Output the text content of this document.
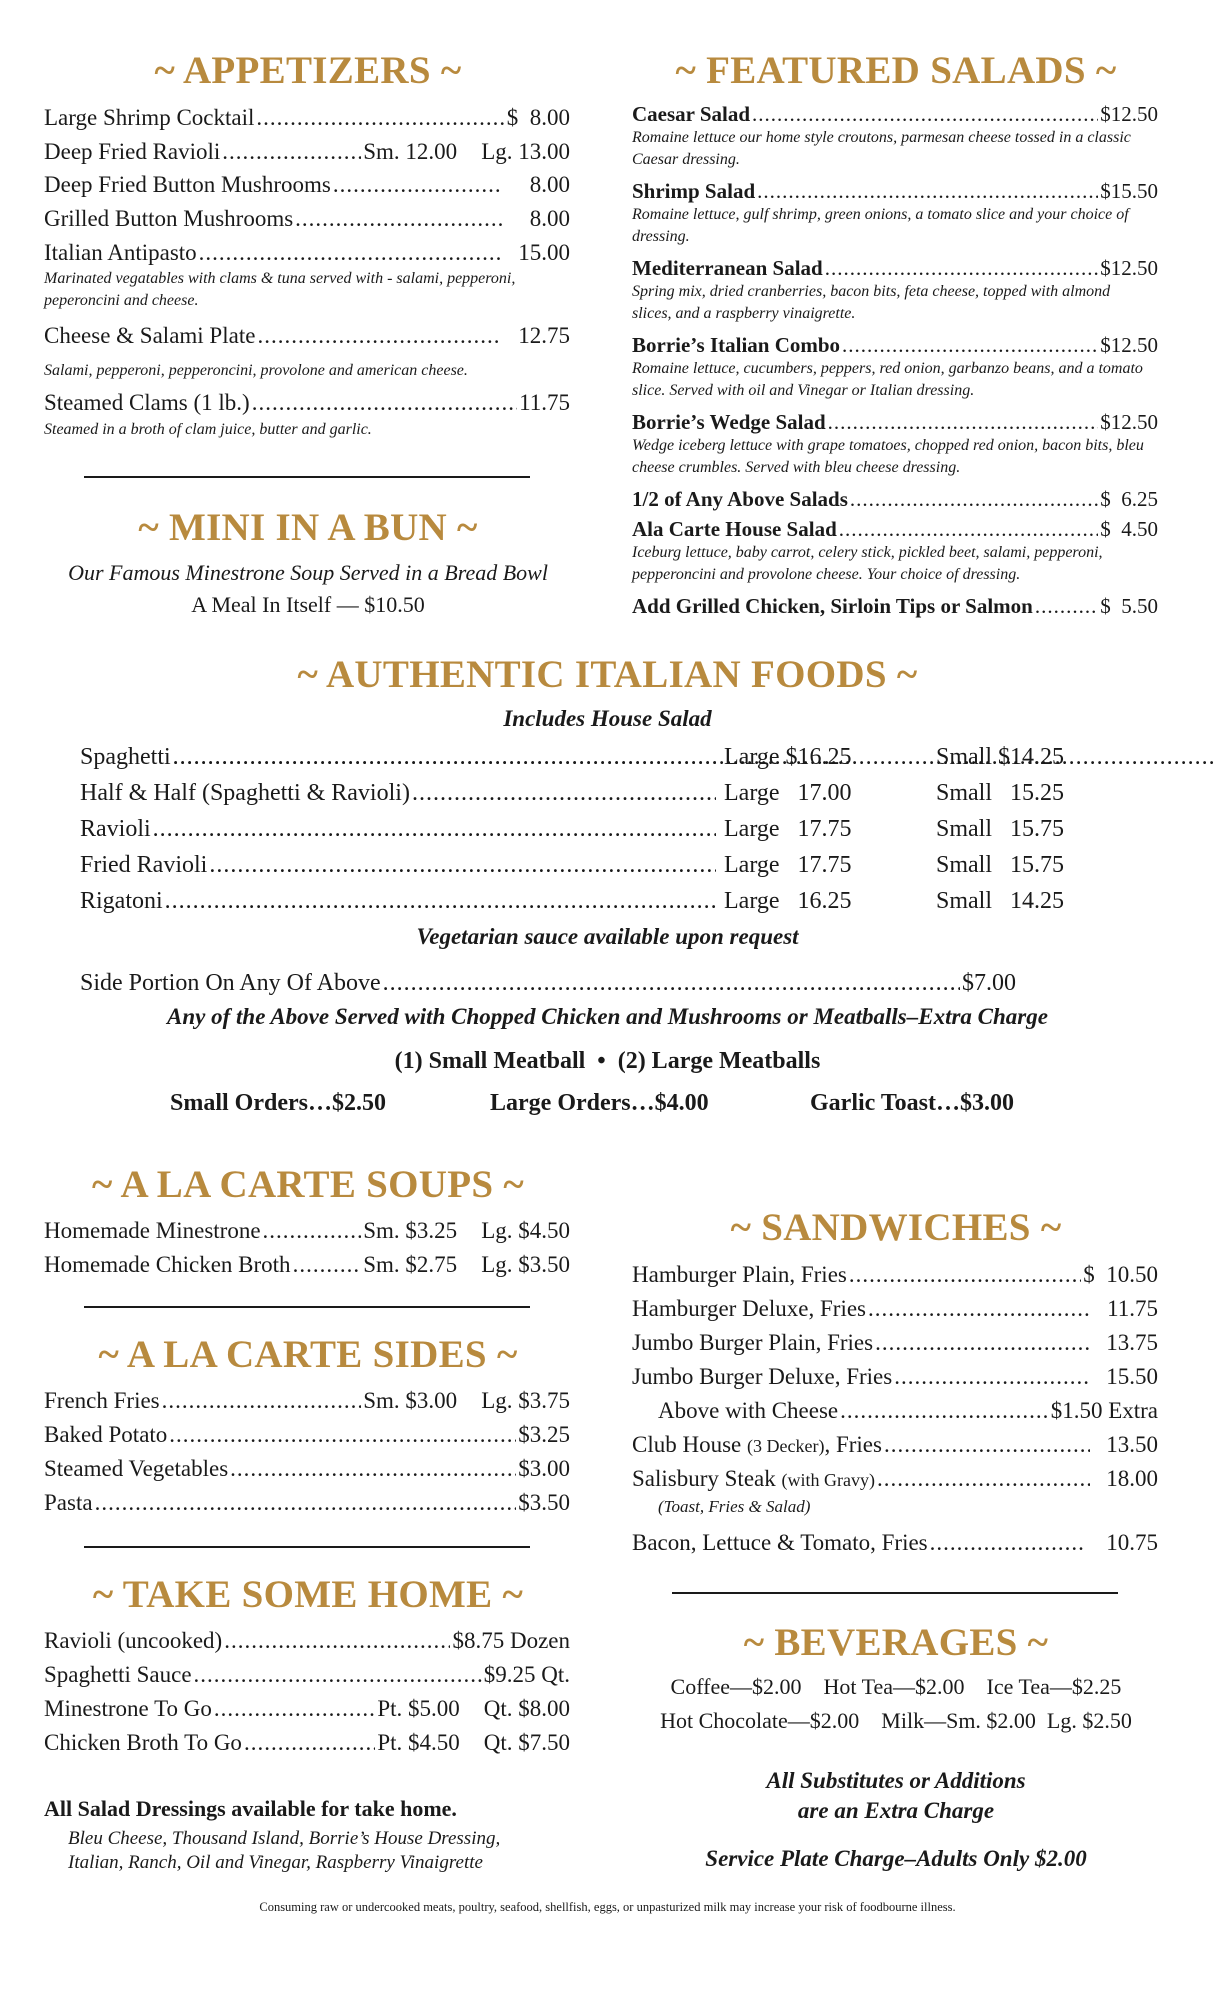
~ APPETIZERS ~
Large Shrimp Cocktail .....	$  8.00
Deep Fried Ravioli .....	Sm. 12.00 Lg. 13.00
Deep Fried Button Mushrooms .....	8.00
Grilled Button Mushrooms .....	8.00
Italian Antipasto .....	15.00
Marinated vegatables with clams & tuna served with - salami, pepperoni, peperoncini and cheese.
Cheese & Salami Plate .....	12.75
Salami, pepperoni, pepperoncini, provolone and american cheese.
Steamed Clams (1 lb.) .....	11.75
Steamed in a broth of clam juice, butter and garlic.
~ MINI IN A BUN ~
Our Famous Minestrone Soup Served in a Bread Bowl
A Meal In Itself — $10.50
~ FEATURED SALADS ~
Caesar Salad .....	$12.50
Romaine lettuce our home style croutons, parmesan cheese tossed in a classic Caesar dressing.
Shrimp Salad .....	$15.50
Romaine lettuce, gulf shrimp, green onions, a tomato slice and your choice of dressing.
Mediterranean Salad .....	$12.50
Spring mix, dried cranberries, bacon bits, feta cheese, topped with almond slices, and a raspberry vinaigrette.
Borrie’s Italian Combo .....	$12.50
Romaine lettuce, cucumbers, peppers, red onion, garbanzo beans, and a tomato slice. Served with oil and Vinegar or Italian dressing.
Borrie’s Wedge Salad .....	$12.50
Wedge iceberg lettuce with grape tomatoes, chopped red onion, bacon bits, bleu cheese crumbles. Served with bleu cheese dressing.
1/2 of Any Above Salads .....	$  6.25
Ala Carte House Salad .....	$  4.50
Iceburg lettuce, baby carrot, celery stick, pickled beet, salami, pepperoni, pepperoncini and provolone cheese. Your choice of dressing.
Add Grilled Chicken, Sirloin Tips or Salmon .....	$  5.50
~ AUTHENTIC ITALIAN FOODS ~
Includes House Salad
Spaghetti ..... .....	Large $16.25	Small $14.25
Half & Half (Spaghetti & Ravioli) .....	Large   17.00	Small   15.25
Ravioli .....	Large   17.75	Small   15.75
Fried Ravioli .....	Large   17.75	Small   15.75
Rigatoni .....	Large   16.25	Small   14.25
Vegetarian sauce available upon request
Side Portion On Any Of Above .....	$7.00
Any of the Above Served with Chopped Chicken and Mushrooms or Meatballs–Extra Charge
(1) Small Meatball  •  (2) Large Meatballs
Small Orders…$2.50	Large Orders…$4.00	Garlic Toast…$3.00
~ A LA CARTE SOUPS ~
Homemade Minestrone .....	Sm. $3.25 Lg. $4.50
Homemade Chicken Broth .....	Sm. $2.75 Lg. $3.50
~ A LA CARTE SIDES ~
French Fries .....	Sm. $3.00 Lg. $3.75
Baked Potato .....	$3.25
Steamed Vegetables .....	$3.00
Pasta .....	$3.50
~ TAKE SOME HOME ~
Ravioli (uncooked) .....	$8.75 Dozen
Spaghetti Sauce .....	$9.25 Qt.
Minestrone To Go .....	Pt. $5.00 Qt. $8.00
Chicken Broth To Go .....	Pt. $4.50 Qt. $7.50
All Salad Dressings available for take home.
Bleu Cheese, Thousand Island, Borrie’s House Dressing,
Italian, Ranch, Oil and Vinegar, Raspberry Vinaigrette
~ SANDWICHES ~
Hamburger Plain, Fries .....	$  10.50
Hamburger Deluxe, Fries .....	11.75
Jumbo Burger Plain, Fries .....	13.75
Jumbo Burger Deluxe, Fries .....	15.50
Above with Cheese .....	$1.50 Extra
Club House (3 Decker), Fries .....	13.50
Salisbury Steak (with Gravy) .....	18.00
(Toast, Fries & Salad)
Bacon, Lettuce & Tomato, Fries .....	10.75
~ BEVERAGES ~
Coffee—$2.00    Hot Tea—$2.00    Ice Tea—$2.25
Hot Chocolate—$2.00    Milk—Sm. $2.00  Lg. $2.50
All Substitutes or Additions
are an Extra Charge
Service Plate Charge–Adults Only $2.00
Consuming raw or undercooked meats, poultry, seafood, shellfish, eggs, or unpasturized milk may increase your risk of foodbourne illness.
